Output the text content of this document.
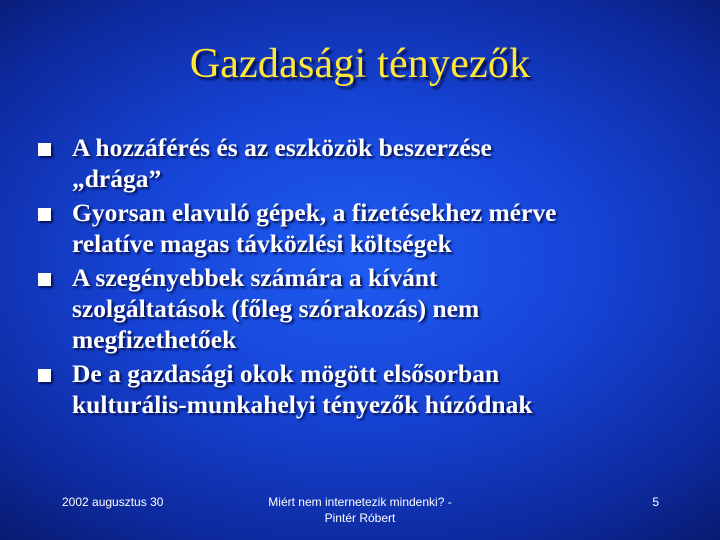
Gazdasági tényezők
A hozzáférés és az eszközök beszerzése
„drága”
Gyorsan elavuló gépek, a fizetésekhez mérve
relatíve magas távközlési költségek
A szegényebbek számára a kívánt
szolgáltatások (főleg szórakozás) nem
megfizethetőek
De a gazdasági okok mögött elsősorban
kulturális-munkahelyi tényezők húzódnak
2002 augusztus 30	Miért nem internetezik mindenki? -
Pintér Róbert
5
